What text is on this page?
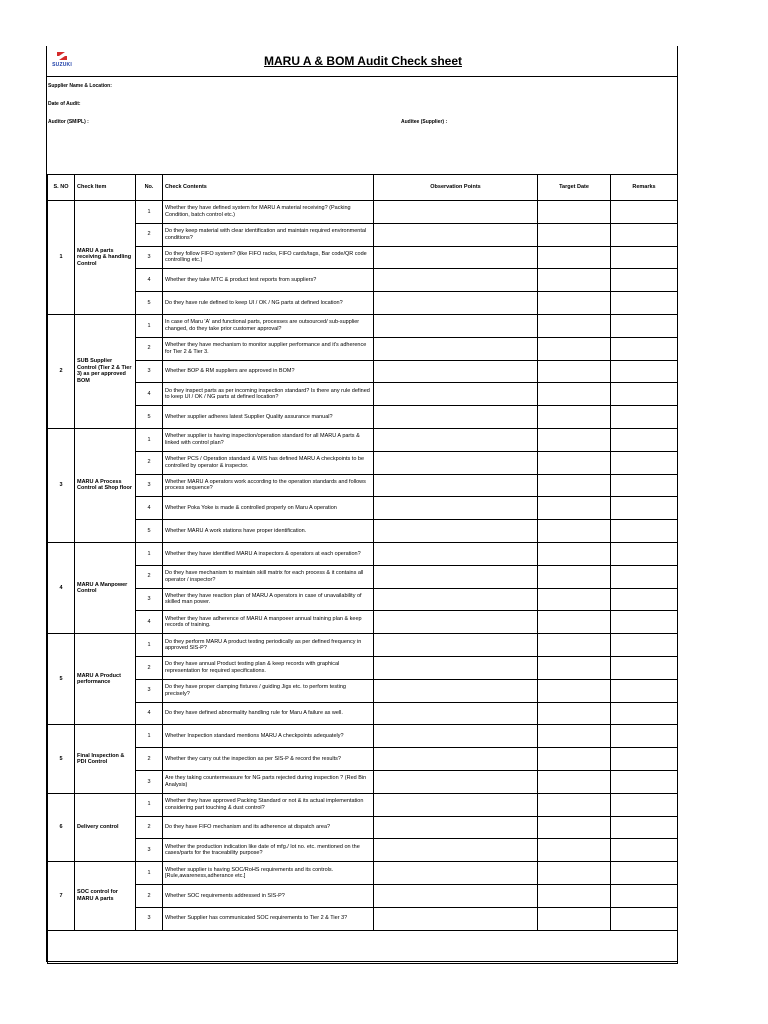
SUZUKI	MARU A & BOM Audit Check sheet
Supplier Name & Location:
Date of Audit:
Auditor (SMIPL) :	Auditee (Supplier) :
S. NO	Check Item	No.	Check Contents	Observation Points	Target Date	Remarks
1	MARU A parts receiving & handling Control	1	Whether they have defined system for MARU A material receiving? (Packing Condition, batch control etc.)			
		2	Do they keep material with clear identification and maintain required environmental conditions?			
		3	Do they follow FIFO system? (like FIFO racks, FIFO cards/tags, Bar code/QR code controlling etc.)			
		4	Whether they take MTC & product test reports from suppliers?			
		5	Do they have rule defined to keep UI / OK / NG parts at defined location?			
2	SUB Supplier Control (Tier 2 & Tier 3) as per approved BOM	1	In case of Maru 'A' and functional parts, processes are outsourced/ sub-supplier changed, do they take prior customer approval?			
		2	Whether they have mechanism to monitor supplier performance and it's adherence for Tier 2 & Tier 3.			
		3	Whether BOP & RM suppliers are approved in BOM?			
		4	Do they inspect parts as per incoming inspection standard? Is there any rule defined to keep UI / OK / NG parts at defined location?			
		5	Whether supplier adheres latest Supplier Quality assurance manual?			
3	MARU A Process Control at Shop floor	1	Whether supplier is having inspection/operation standard for all MARU A parts & linked with control plan?			
		2	Whether PCS / Operation standard & WIS has defined MARU A checkpoints to be controlled by operator & inspector.			
		3	Whether MARU A operators work according to the operation standards and follows process sequence?			
		4	Whether Poka Yoke is made & controlled properly on Maru A operation			
		5	Whether MARU A work stations have proper identification.			
4	MARU A Manpower Control	1	Whether they have identified MARU A inspectors & operators at each operation?			
		2	Do they have mechanism to maintain skill matrix for each process & it contains all operator / inspector?			
		3	Whether they have reaction plan of MARU A operators in case of unavailability of skilled man power.			
		4	Whether they have adherence of MARU A manpoeer annual training plan & keep records of training.			
5	MARU A Product performance	1	Do they perform MARU A product testing periodically as per defined frequency in approved SIS-P?			
		2	Do they have annual Product testing plan & keep records with graphical representation for required specifications.			
		3	Do they have proper clamping fixtures / guiding Jigs etc. to perform testing precisely?			
		4	Do they have defined abnormality handling rule for Maru A failure as well.			
5	Final Inspection & PDI Control	1	Whether Inspection standard mentions MARU A checkpoints adequately?			
		2	Whether they carry out the inspection as per SIS-P & record the results?			
		3	Are they taking countermeasure for NG parts rejected during inspection ? (Red Bin Analysis)			
6	Delivery control	1	Whether they have approved Packing Standard or not & its actual implementation considering part touching & dust control?			
		2	Do they have FIFO mechanism and its adherence at dispatch area?			
		3	Whether the production indication like date of mfg./ lot no. etc. mentioned on the cases/parts for the traceability purpose?			
7	SOC control for MARU A parts	1	Whether supplier is having SOC/RoHS requirements and its controls. [Rule,awareness,adherance etc.]			
		2	Whether SOC requirements addressed in SIS-P?			
		3	Whether Supplier has communicated SOC requirements to Tier 2 & Tier 3?			
